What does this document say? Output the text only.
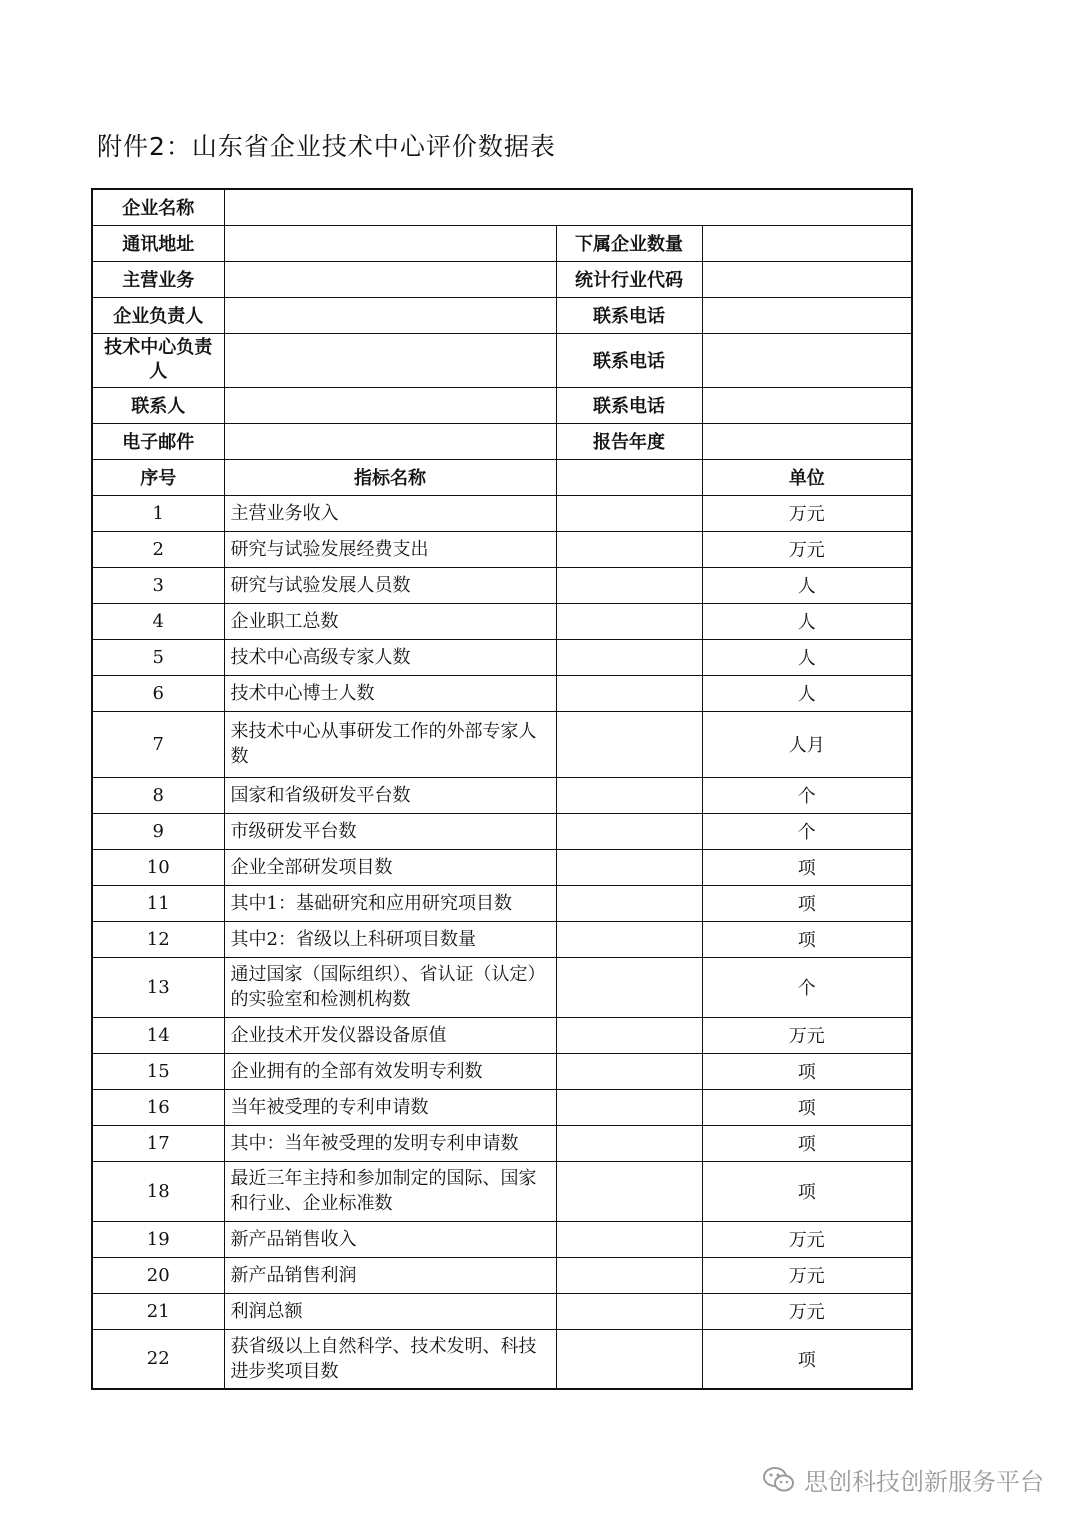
附件2：山东省企业技术中心评价数据表
企业名称			
通讯地址		下属企业数量	
主营业务		统计行业代码	
企业负责人		联系电话	
技术中心负责人		联系电话	
联系人		联系电话	
电子邮件		报告年度	
序号	指标名称		单位
1	主营业务收入		万元
2	研究与试验发展经费支出		万元
3	研究与试验发展人员数		人
4	企业职工总数		人
5	技术中心高级专家人数		人
6	技术中心博士人数		人
7	来技术中心从事研发工作的外部专家人数		人月
8	国家和省级研发平台数		个
9	市级研发平台数		个
10	企业全部研发项目数		项
11	其中1：基础研究和应用研究项目数		项
12	其中2：省级以上科研项目数量		项
13	通过国家（国际组织）、省认证（认定）的实验室和检测机构数		个
14	企业技术开发仪器设备原值		万元
15	企业拥有的全部有效发明专利数		项
16	当年被受理的专利申请数		项
17	其中：当年被受理的发明专利申请数		项
18	最近三年主持和参加制定的国际、国家和行业、企业标准数		项
19	新产品销售收入		万元
20	新产品销售利润		万元
21	利润总额		万元
22	获省级以上自然科学、技术发明、科技进步奖项目数		项
思创科技创新服务平台
